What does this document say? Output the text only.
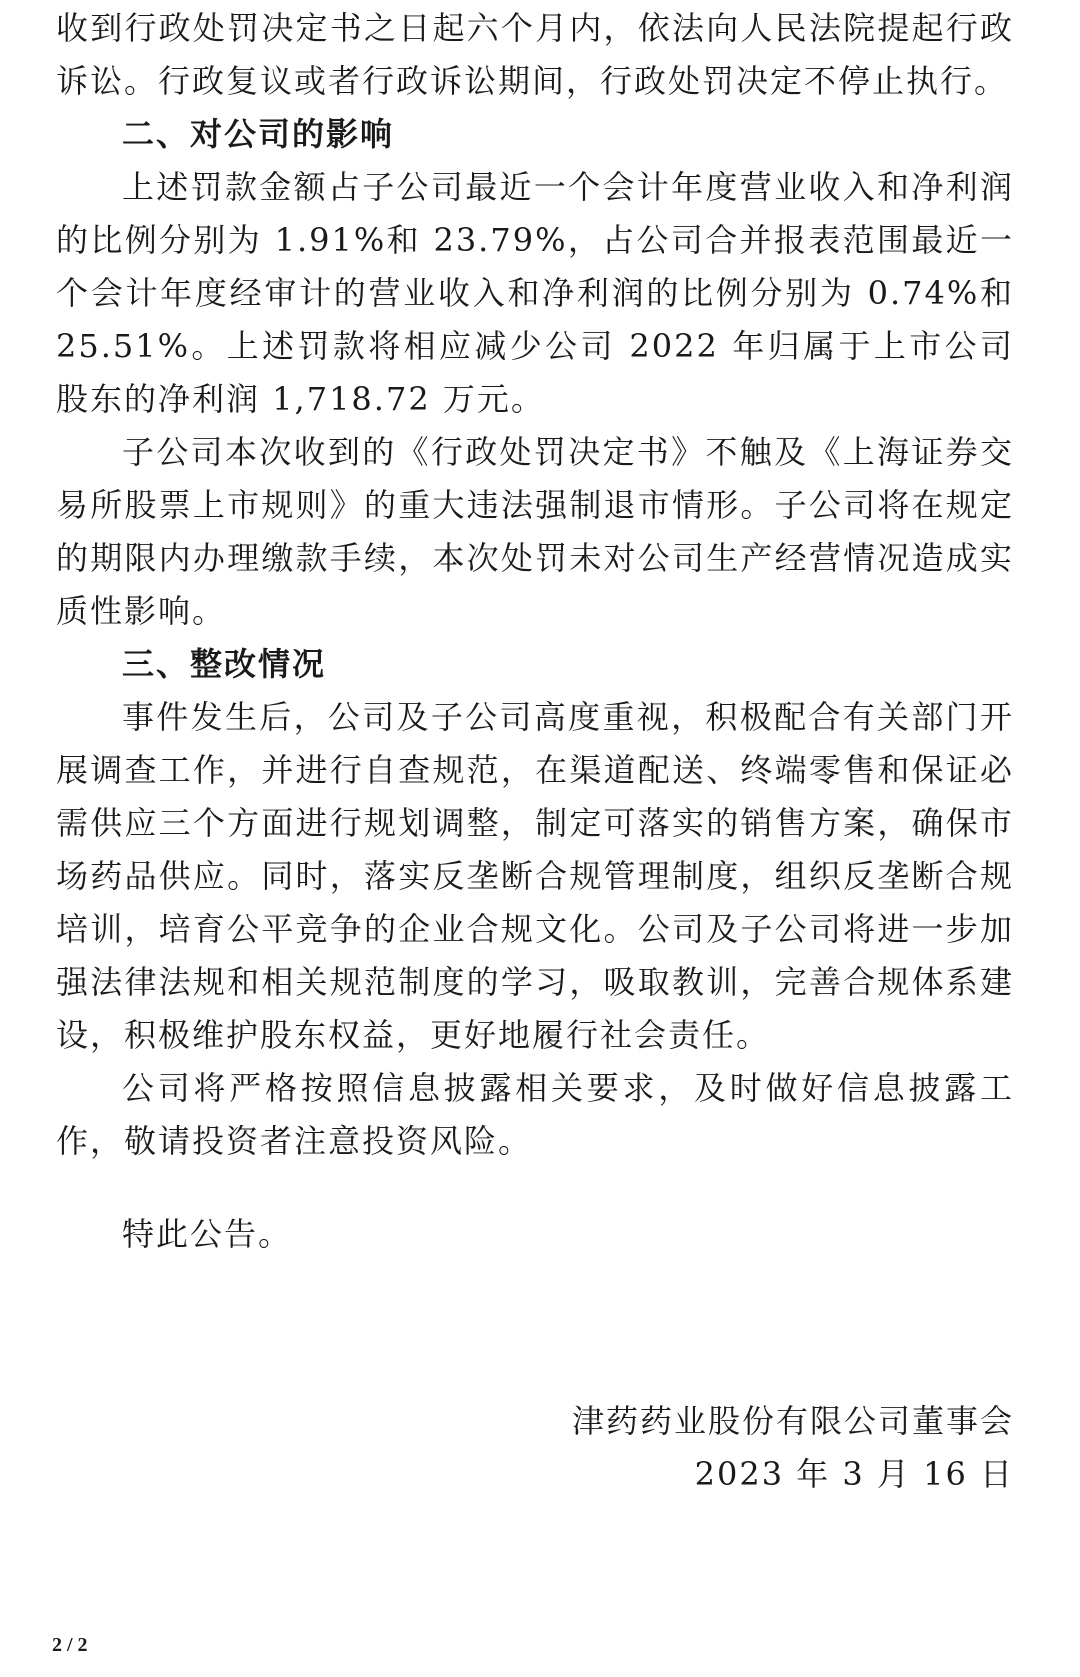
收到行政处罚决定书之日起六个月内，依法向人民法院提起行政诉讼。行政复议或者行政诉讼期间，行政处罚决定不停止执行。

二、对公司的影响

上述罚款金额占子公司最近一个会计年度营业收入和净利润的比例分别为 1.91%和 23.79%，占公司合并报表范围最近一个会计年度经审计的营业收入和净利润的比例分别为 0.74%和25.51%。上述罚款将相应减少公司 2022 年归属于上市公司股东的净利润 1,718.72 万元。

子公司本次收到的《行政处罚决定书》不触及《上海证券交易所股票上市规则》的重大违法强制退市情形。子公司将在规定的期限内办理缴款手续，本次处罚未对公司生产经营情况造成实质性影响。

三、整改情况

事件发生后，公司及子公司高度重视，积极配合有关部门开展调查工作，并进行自查规范，在渠道配送、终端零售和保证必需供应三个方面进行规划调整，制定可落实的销售方案，确保市场药品供应。同时，落实反垄断合规管理制度，组织反垄断合规培训，培育公平竞争的企业合规文化。公司及子公司将进一步加强法律法规和相关规范制度的学习，吸取教训，完善合规体系建设，积极维护股东权益，更好地履行社会责任。

公司将严格按照信息披露相关要求，及时做好信息披露工作，敬请投资者注意投资风险。

特此公告。

津药药业股份有限公司董事会
2023 年 3 月 16 日
2 / 2
